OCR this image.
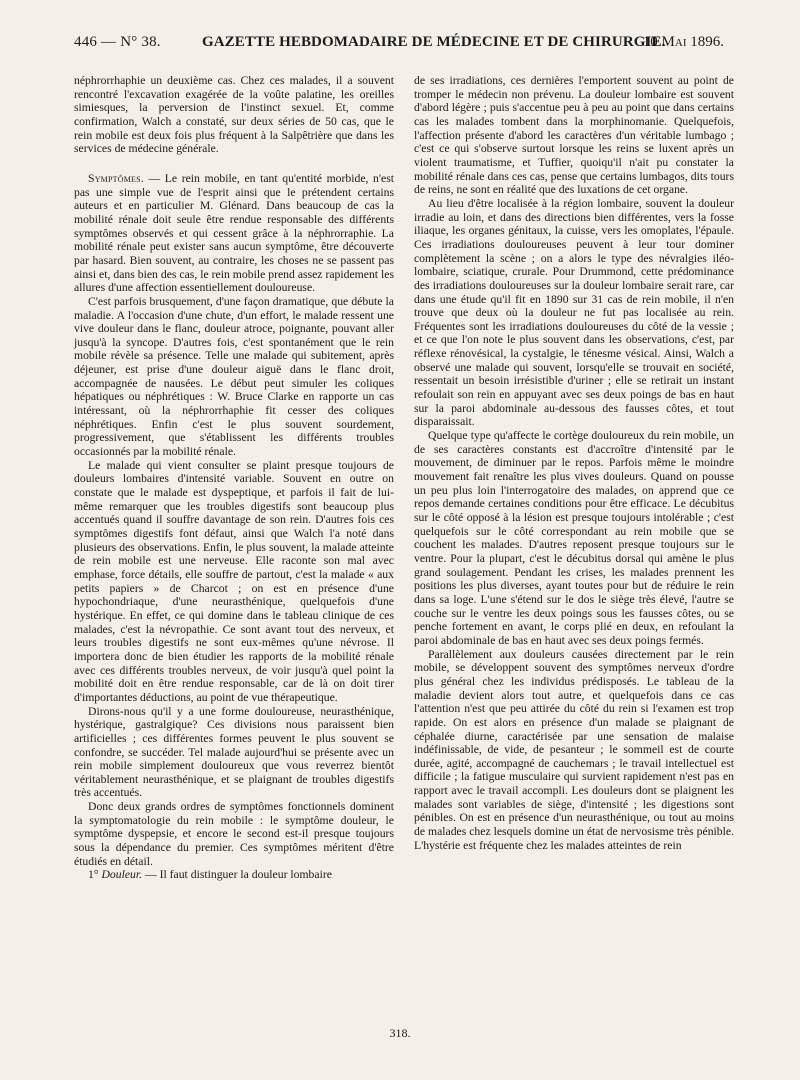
446 — N° 38.	GAZETTE HEBDOMADAIRE DE MÉDECINE ET DE CHIRURGIE.
10 Mai 1896.

néphrorrhaphie un deuxième cas. Chez ces malades, il a souvent rencontré l'excavation exagérée de la voûte palatine, les oreilles simiesques, la perversion de l'instinct sexuel. Et, comme confirmation, Walch a constaté, sur deux séries de 50 cas, que le rein mobile est deux fois plus fréquent à la Salpêtrière que dans les services de médecine générale.

Symptômes. — Le rein mobile, en tant qu'entité morbide, n'est pas une simple vue de l'esprit ainsi que le prétendent certains auteurs et en particulier M. Glénard. Dans beaucoup de cas la mobilité rénale doit seule être rendue responsable des différents symptômes observés et qui cessent grâce à la néphrorraphie. La mobilité rénale peut exister sans aucun symptôme, être découverte par hasard. Bien souvent, au contraire, les choses ne se passent pas ainsi et, dans bien des cas, le rein mobile prend assez rapidement les allures d'une affection essentiellement douloureuse.

C'est parfois brusquement, d'une façon dramatique, que débute la maladie. A l'occasion d'une chute, d'un effort, le malade ressent une vive douleur dans le flanc, douleur atroce, poignante, pouvant aller jusqu'à la syncope. D'autres fois, c'est spontanément que le rein mobile révèle sa présence. Telle une malade qui subitement, après déjeuner, est prise d'une douleur aiguë dans le flanc droit, accompagnée de nausées. Le début peut simuler les coliques hépatiques ou néphrétiques : W. Bruce Clarke en rapporte un cas intéressant, où la néphrorrhaphie fit cesser des coliques néphrétiques. Enfin c'est le plus souvent sourdement, progressivement, que s'établissent les différents troubles occasionnés par la mobilité rénale.

Le malade qui vient consulter se plaint presque toujours de douleurs lombaires d'intensité variable. Souvent en outre on constate que le malade est dyspeptique, et parfois il fait de lui-même remarquer que les troubles digestifs sont beaucoup plus accentués quand il souffre davantage de son rein. D'autres fois ces symptômes digestifs font défaut, ainsi que Walch l'a noté dans plusieurs des observations. Enfin, le plus souvent, la malade atteinte de rein mobile est une nerveuse. Elle raconte son mal avec emphase, force détails, elle souffre de partout, c'est la malade « aux petits papiers » de Charcot ; on est en présence d'une hypochondriaque, d'une neurasthénique, quelquefois d'une hystérique. En effet, ce qui domine dans le tableau clinique de ces malades, c'est la névropathie. Ce sont avant tout des nerveux, et leurs troubles digestifs ne sont eux-mêmes qu'une névrose. Il importera donc de bien étudier les rapports de la mobilité rénale avec ces différents troubles nerveux, de voir jusqu'à quel point la mobilité doit en être rendue responsable, car de là on doit tirer d'importantes déductions, au point de vue thérapeutique.

Dirons-nous qu'il y a une forme douloureuse, neurasthénique, hystérique, gastralgique? Ces divisions nous paraissent bien artificielles ; ces différentes formes peuvent le plus souvent se confondre, se succéder. Tel malade aujourd'hui se présente avec un rein mobile simplement douloureux que vous reverrez bientôt véritablement neurasthénique, et se plaignant de troubles digestifs très accentués.

Donc deux grands ordres de symptômes fonctionnels dominent la symptomatologie du rein mobile : le symptôme douleur, le symptôme dyspepsie, et encore le second est-il presque toujours sous la dépendance du premier. Ces symptômes méritent d'être étudiés en détail.

1° Douleur. — Il faut distinguer la douleur lombaire

de ses irradiations, ces dernières l'emportent souvent au point de tromper le médecin non prévenu. La douleur lombaire est souvent d'abord légère ; puis s'accentue peu à peu au point que dans certains cas les malades tombent dans la morphinomanie. Quelquefois, l'affection présente d'abord les caractères d'un véritable lumbago ; c'est ce qui s'observe surtout lorsque les reins se luxent après un violent traumatisme, et Tuffier, quoiqu'il n'ait pu constater la mobilité rénale dans ces cas, pense que certains lumbagos, dits tours de reins, ne sont en réalité que des luxations de cet organe.

Au lieu d'être localisée à la région lombaire, souvent la douleur irradie au loin, et dans des directions bien différentes, vers la fosse iliaque, les organes génitaux, la cuisse, vers les omoplates, l'épaule. Ces irradiations douloureuses peuvent à leur tour dominer complètement la scène ; on a alors le type des névralgies iléo-lombaire, sciatique, crurale. Pour Drummond, cette prédominance des irradiations douloureuses sur la douleur lombaire serait rare, car dans une étude qu'il fit en 1890 sur 31 cas de rein mobile, il n'en trouve que deux où la douleur ne fut pas localisée au rein. Fréquentes sont les irradiations douloureuses du côté de la vessie ; et ce que l'on note le plus souvent dans les observations, c'est, par réflexe rénovésical, la cystalgie, le ténesme vésical. Ainsi, Walch a observé une malade qui souvent, lorsqu'elle se trouvait en société, ressentait un besoin irrésistible d'uriner ; elle se retirait un instant refoulait son rein en appuyant avec ses deux poings de bas en haut sur la paroi abdominale au-dessous des fausses côtes, et tout disparaissait.

Quelque type qu'affecte le cortège douloureux du rein mobile, un de ses caractères constants est d'accroître d'intensité par le mouvement, de diminuer par le repos. Parfois même le moindre mouvement fait renaître les plus vives douleurs. Quand on pousse un peu plus loin l'interrogatoire des malades, on apprend que ce repos demande certaines conditions pour être efficace. Le décubitus sur le côté opposé à la lésion est presque toujours intolérable ; c'est quelquefois sur le côté correspondant au rein mobile que se couchent les malades. D'autres reposent presque toujours sur le ventre. Pour la plupart, c'est le décubitus dorsal qui amène le plus grand soulagement. Pendant les crises, les malades prennent les positions les plus diverses, ayant toutes pour but de réduire le rein dans sa loge. L'une s'étend sur le dos le siège très élevé, l'autre se couche sur le ventre les deux poings sous les fausses côtes, ou se penche fortement en avant, le corps plié en deux, en refoulant la paroi abdominale de bas en haut avec ses deux poings fermés.

Parallèlement aux douleurs causées directement par le rein mobile, se développent souvent des symptômes nerveux d'ordre plus général chez les individus prédisposés. Le tableau de la maladie devient alors tout autre, et quelquefois dans ce cas l'attention n'est que peu attirée du côté du rein si l'examen est trop rapide. On est alors en présence d'un malade se plaignant de céphalée diurne, caractérisée par une sensation de malaise indéfinissable, de vide, de pesanteur ; le sommeil est de courte durée, agité, accompagné de cauchemars ; le travail intellectuel est difficile ; la fatigue musculaire qui survient rapidement n'est pas en rapport avec le travail accompli. Les douleurs dont se plaignent les malades sont variables de siège, d'intensité ; les digestions sont pénibles. On est en présence d'un neurasthénique, ou tout au moins de malades chez lesquels domine un état de nervosisme très pénible. L'hystérie est fréquente chez les malades atteintes de rein

318.
